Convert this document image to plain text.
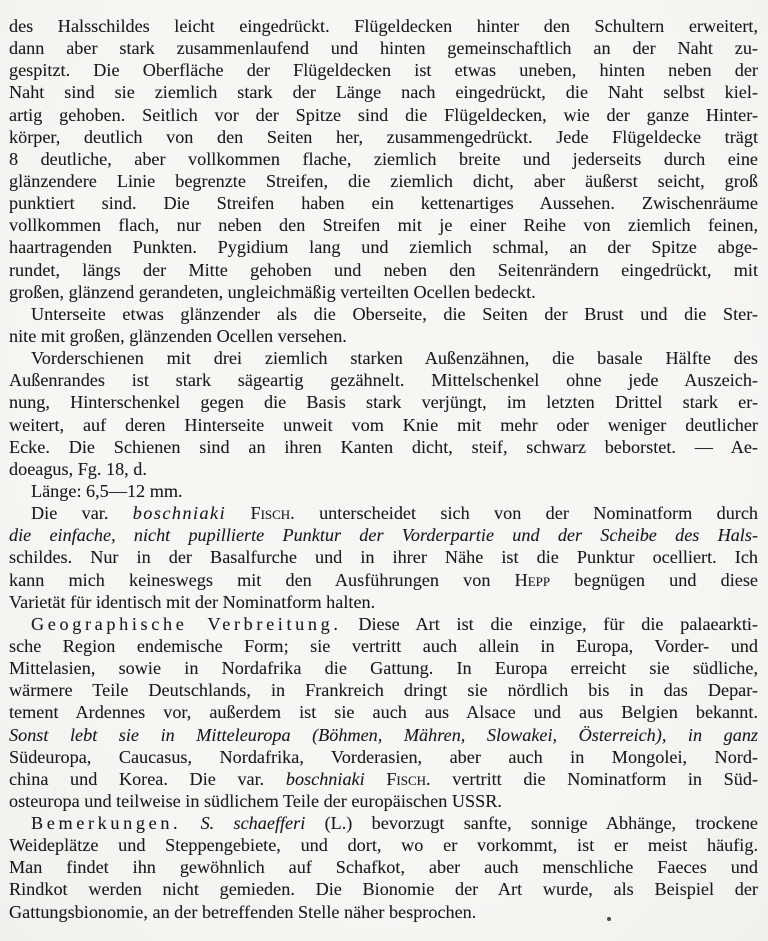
des Halsschildes leicht eingedrückt. Flügeldecken hinter den Schultern erweitert,
dann aber stark zusammenlaufend und hinten gemeinschaftlich an der Naht zu-
gespitzt. Die Oberfläche der Flügeldecken ist etwas uneben, hinten neben der
Naht sind sie ziemlich stark der Länge nach eingedrückt, die Naht selbst kiel-
artig gehoben. Seitlich vor der Spitze sind die Flügeldecken, wie der ganze Hinter-
körper, deutlich von den Seiten her, zusammengedrückt. Jede Flügeldecke trägt
8 deutliche, aber vollkommen flache, ziemlich breite und jederseits durch eine
glänzendere Linie begrenzte Streifen, die ziemlich dicht, aber äußerst seicht, groß
punktiert sind. Die Streifen haben ein kettenartiges Aussehen. Zwischenräume
vollkommen flach, nur neben den Streifen mit je einer Reihe von ziemlich feinen,
haartragenden Punkten. Pygidium lang und ziemlich schmal, an der Spitze abge-
rundet, längs der Mitte gehoben und neben den Seitenrändern eingedrückt, mit
großen, glänzend gerandeten, ungleichmäßig verteilten Ocellen bedeckt.
Unterseite etwas glänzender als die Oberseite, die Seiten der Brust und die Ster-
nite mit großen, glänzenden Ocellen versehen.
Vorderschienen mit drei ziemlich starken Außenzähnen, die basale Hälfte des
Außenrandes ist stark sägeartig gezähnelt. Mittelschenkel ohne jede Auszeich-
nung, Hinterschenkel gegen die Basis stark verjüngt, im letzten Drittel stark er-
weitert, auf deren Hinterseite unweit vom Knie mit mehr oder weniger deutlicher
Ecke. Die Schienen sind an ihren Kanten dicht, steif, schwarz beborstet. — Ae-
doeagus, Fg. 18, d.
Länge: 6,5—12 mm.
Die var. boschniaki Fisch. unterscheidet sich von der Nominatform durch
die einfache, nicht pupillierte Punktur der Vorderpartie und der Scheibe des Hals-
schildes. Nur in der Basalfurche und in ihrer Nähe ist die Punktur ocelliert. Ich
kann mich keineswegs mit den Ausführungen von Hepp begnügen und diese
Varietät für identisch mit der Nominatform halten.
Geographische Verbreitung. Diese Art ist die einzige, für die palaearkti-
sche Region endemische Form; sie vertritt auch allein in Europa, Vorder- und
Mittelasien, sowie in Nordafrika die Gattung. In Europa erreicht sie südliche,
wärmere Teile Deutschlands, in Frankreich dringt sie nördlich bis in das Depar-
tement Ardennes vor, außerdem ist sie auch aus Alsace und aus Belgien bekannt.
Sonst lebt sie in Mitteleuropa (Böhmen, Mähren, Slowakei, Österreich), in ganz
Südeuropa, Caucasus, Nordafrika, Vorderasien, aber auch in Mongolei, Nord-
china und Korea. Die var. boschniaki Fisch. vertritt die Nominatform in Süd-
osteuropa und teilweise in südlichem Teile der europäischen USSR.
Bemerkungen. S. schaefferi (L.) bevorzugt sanfte, sonnige Abhänge, trockene
Weideplätze und Steppengebiete, und dort, wo er vorkommt, ist er meist häufig.
Man findet ihn gewöhnlich auf Schafkot, aber auch menschliche Faeces und
Rindkot werden nicht gemieden. Die Bionomie der Art wurde, als Beispiel der
Gattungsbionomie, an der betreffenden Stelle näher besprochen.
